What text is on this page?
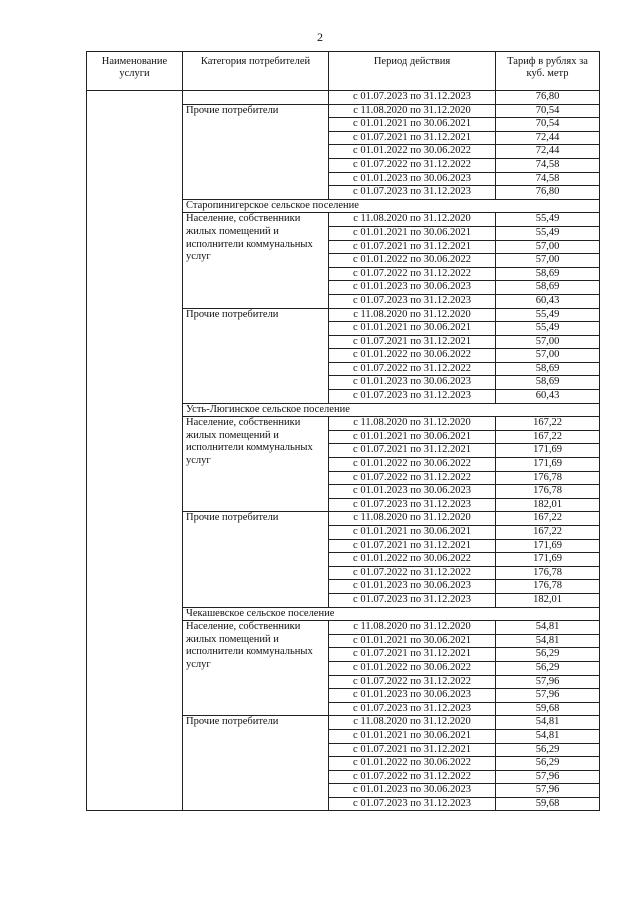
2
Наименование услуги	Категория потребителей	Период действия	Тариф в рублях за куб. метр
		с 01.07.2023 по 31.12.2023	76,80
	Прочие потребители	с 11.08.2020 по 31.12.2020	70,54
		с 01.01.2021 по 30.06.2021	70,54
		с 01.07.2021 по 31.12.2021	72,44
		с 01.01.2022 по 30.06.2022	72,44
		с 01.07.2022 по 31.12.2022	74,58
		с 01.01.2023 по 30.06.2023	74,58
		с 01.07.2023 по 31.12.2023	76,80
	Старопинигерское сельское поселение		
	Население, собственники жилых помещений и исполнители коммунальных услуг	с 11.08.2020 по 31.12.2020	55,49
		с 01.01.2021 по 30.06.2021	55,49
		с 01.07.2021 по 31.12.2021	57,00
		с 01.01.2022 по 30.06.2022	57,00
		с 01.07.2022 по 31.12.2022	58,69
		с 01.01.2023 по 30.06.2023	58,69
		с 01.07.2023 по 31.12.2023	60,43
	Прочие потребители	с 11.08.2020 по 31.12.2020	55,49
		с 01.01.2021 по 30.06.2021	55,49
		с 01.07.2021 по 31.12.2021	57,00
		с 01.01.2022 по 30.06.2022	57,00
		с 01.07.2022 по 31.12.2022	58,69
		с 01.01.2023 по 30.06.2023	58,69
		с 01.07.2023 по 31.12.2023	60,43
	Усть-Люгинское сельское поселение		
	Население, собственники жилых помещений и исполнители коммунальных услуг	с 11.08.2020 по 31.12.2020	167,22
		с 01.01.2021 по 30.06.2021	167,22
		с 01.07.2021 по 31.12.2021	171,69
		с 01.01.2022 по 30.06.2022	171,69
		с 01.07.2022 по 31.12.2022	176,78
		с 01.01.2023 по 30.06.2023	176,78
		с 01.07.2023 по 31.12.2023	182,01
	Прочие потребители	с 11.08.2020 по 31.12.2020	167,22
		с 01.01.2021 по 30.06.2021	167,22
		с 01.07.2021 по 31.12.2021	171,69
		с 01.01.2022 по 30.06.2022	171,69
		с 01.07.2022 по 31.12.2022	176,78
		с 01.01.2023 по 30.06.2023	176,78
		с 01.07.2023 по 31.12.2023	182,01
	Чекашевское сельское поселение		
	Население, собственники жилых помещений и исполнители коммунальных услуг	с 11.08.2020 по 31.12.2020	54,81
		с 01.01.2021 по 30.06.2021	54,81
		с 01.07.2021 по 31.12.2021	56,29
		с 01.01.2022 по 30.06.2022	56,29
		с 01.07.2022 по 31.12.2022	57,96
		с 01.01.2023 по 30.06.2023	57,96
		с 01.07.2023 по 31.12.2023	59,68
	Прочие потребители	с 11.08.2020 по 31.12.2020	54,81
		с 01.01.2021 по 30.06.2021	54,81
		с 01.07.2021 по 31.12.2021	56,29
		с 01.01.2022 по 30.06.2022	56,29
		с 01.07.2022 по 31.12.2022	57,96
		с 01.01.2023 по 30.06.2023	57,96
		с 01.07.2023 по 31.12.2023	59,68
